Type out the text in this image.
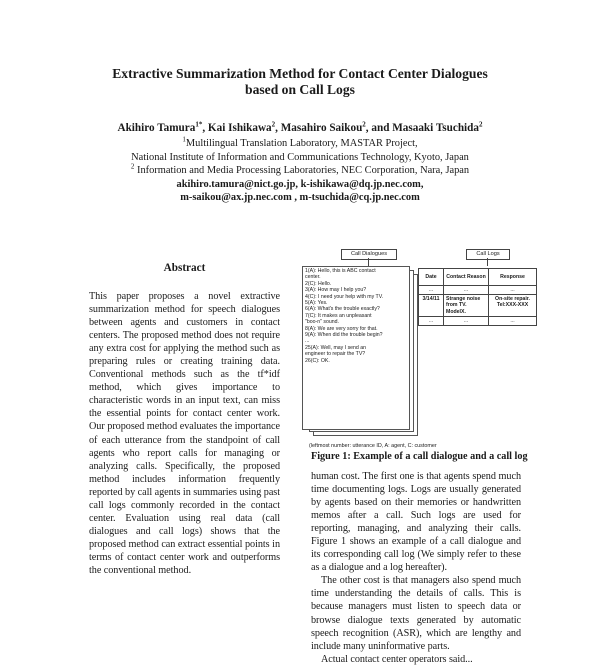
Extractive Summarization Method for Contact Center Dialogues
based on Call Logs
Akihiro Tamura$^{1*}$, Kai Ishikawa$^2$, Masahiro Saikou$^2$, and Masaaki Tsuchida$^2$
$^1$Multilingual Translation Laboratory, MASTAR Project,
National Institute of Information and Communications Technology, Kyoto, Japan
$^2$ Information and Media Processing Laboratories, NEC Corporation, Nara, Japan
akihiro.tamura@nict.go.jp, k-ishikawa@dq.jp.nec.com,
m-saikou@ax.jp.nec.com , m-tsuchida@cq.jp.nec.com
Abstract

This paper proposes a novel extractive summarization method for speech dialogues between agents and customers in contact centers. The proposed method does not require any extra cost for applying the method such as preparing rules or creating training data. Conventional methods such as the tf*idf method, which gives importance to characteristic words in an input text, can miss the essential points for contact center work. Our proposed method evaluates the importance of each utterance from the standpoint of call agents who report calls for managing or analyzing calls. Specifically, the proposed method includes information frequently reported by call agents in summaries using past call logs commonly recorded in the contact center. Evaluation using real data (call dialogues and call logs) shows that the proposed method can extract essential points in terms of contact center work and outperforms the conventional method.

Call Dialogues	Call Logs
1(A): Hello, this is ABC contact
center.
2(C): Hello.
3(A): How may I help you?
4(C): I need your help with my TV.
5(A): Yes.
6(A): What's the trouble exactly?
7(C): It makes an unpleasant
"boo-n" sound.
8(A): We are very sorry for that.
9(A): When did the trouble begin?
...
25(A): Well, may I send an
engineer to repair the TV?
26(C): OK.
Date	Contact Reason	Response
...	...	...
3/14/11	Strange noise from TV. ModelX.	On-site repair. Tel:XXX-XXX
...	...	...
(leftmost number: utterance ID, A: agent, C: customer
Figure 1: Example of a call dialogue and a call log

human cost. The first one is that agents spend much time documenting logs. Logs are usually generated by agents based on their memories or handwritten memos after a call. Such logs are used for reporting, managing, and analyzing their calls. Figure 1 shows an example of a call dialogue and its corresponding call log (We simply refer to these as a dialogue and a log hereafter).

The other cost is that managers also spend much time understanding the details of calls. This is because managers must listen to speech data or browse dialogue texts generated by automatic speech recognition (ASR), which are lengthy and include many uninformative parts.

Actual contact center operators said...
